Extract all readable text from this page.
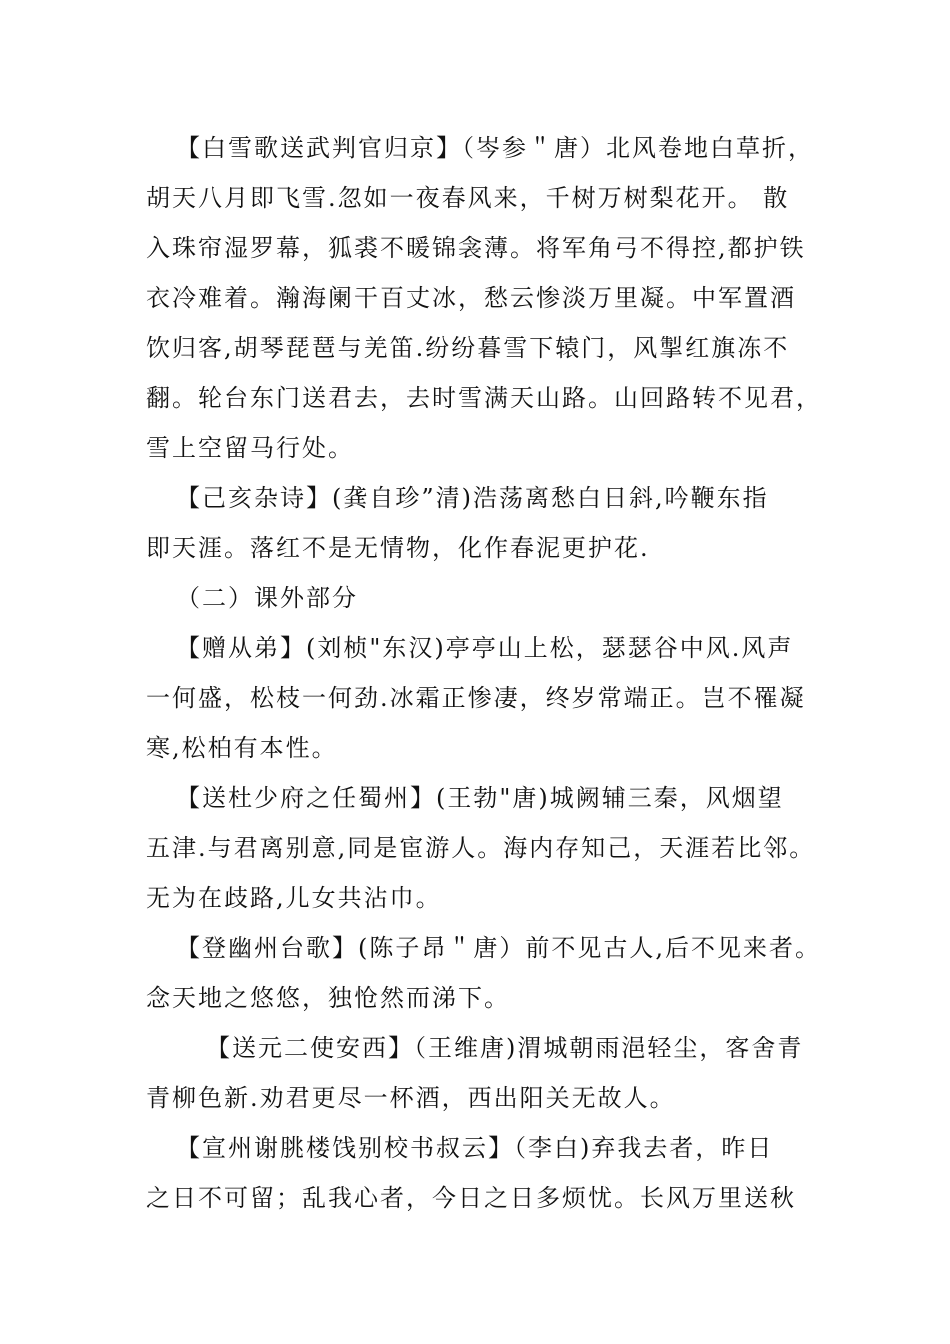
【白雪歌送武判官归京】（岑参＂唐）北风卷地白草折，

胡天八月即飞雪.忽如一夜春风来，千树万树梨花开。 散

入珠帘湿罗幕，狐裘不暖锦衾薄。将军角弓不得控,都护铁

衣冷难着。瀚海阑干百丈冰，愁云惨淡万里凝。中军置酒

饮归客,胡琴琵琶与羌笛.纷纷暮雪下辕门，风掣红旗冻不

翻。轮台东门送君去，去时雪满天山路。山回路转不见君，

雪上空留马行处。

【己亥杂诗】(龚自珍”清)浩荡离愁白日斜,吟鞭东指

即天涯。落红不是无情物，化作春泥更护花.

（二）课外部分

【赠从弟】(刘桢"东汉)亭亭山上松，瑟瑟谷中风.风声

一何盛，松枝一何劲.冰霜正惨凄，终岁常端正。岂不罹凝

寒,松柏有本性。

【送杜少府之任蜀州】(王勃"唐)城阙辅三秦，风烟望

五津.与君离别意,同是宦游人。海内存知己，天涯若比邻。

无为在歧路,儿女共沾巾。

【登幽州台歌】(陈子昂＂唐）前不见古人,后不见来者。

念天地之悠悠，独怆然而涕下。

【送元二使安西】（王维唐)渭城朝雨浥轻尘，客舍青

青柳色新.劝君更尽一杯酒，西出阳关无故人。

【宣州谢朓楼饯别校书叔云】（李白)弃我去者，昨日

之日不可留；乱我心者，今日之日多烦忧。长风万里送秋
